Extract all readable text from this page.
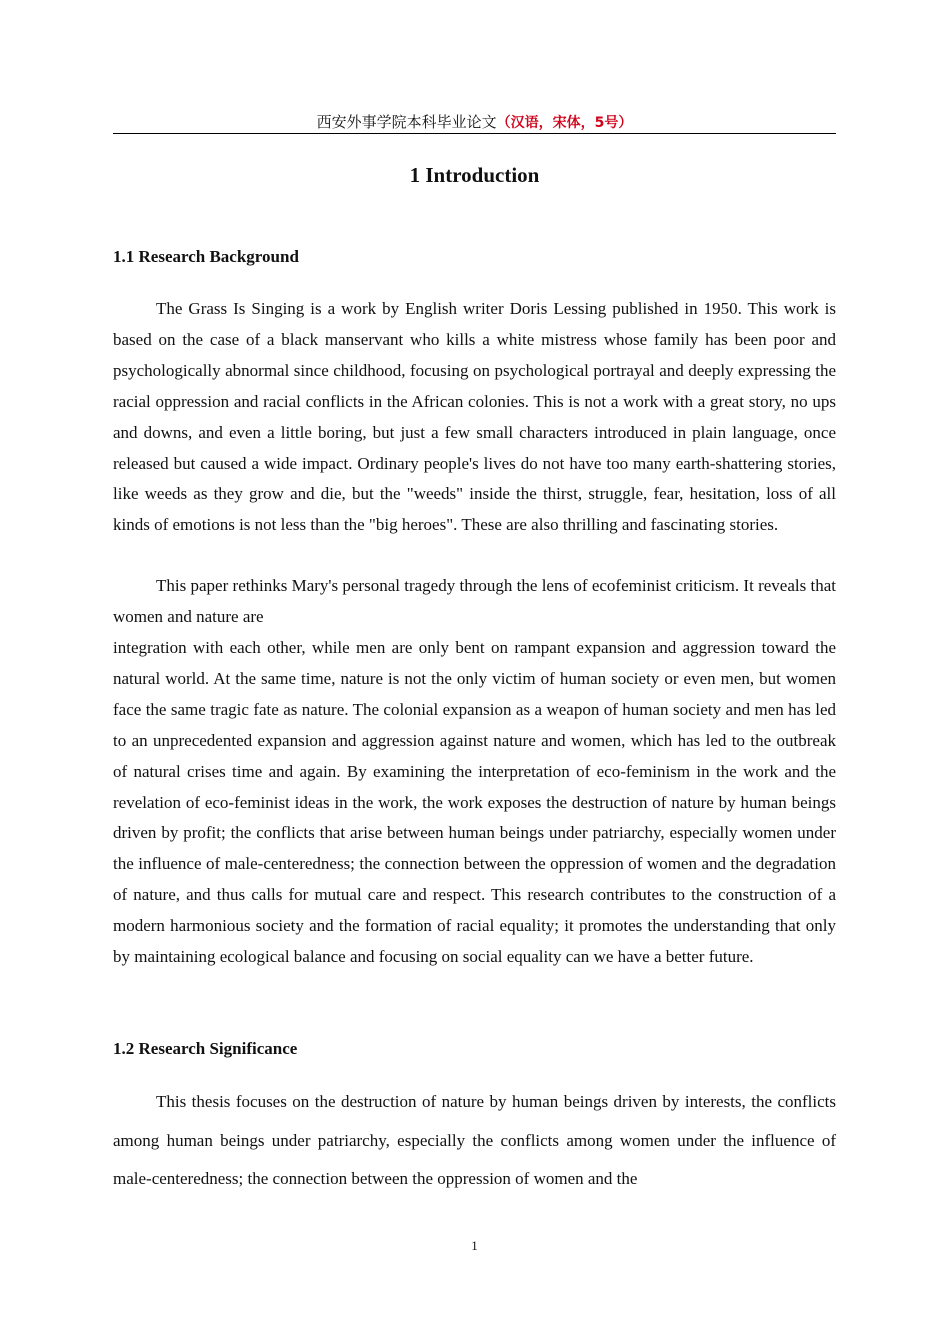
西安外事学院本科毕业论文（汉语，宋体，5号）
1 Introduction
1.1 Research Background

The Grass Is Singing is a work by English writer Doris Lessing published in 1950. This work is based on the case of a black manservant who kills a white mistress whose family has been poor and psychologically abnormal since childhood, focusing on psychological portrayal and deeply expressing the racial oppression and racial conflicts in the African colonies. This is not a work with a great story, no ups and downs, and even a little boring, but just a few small characters introduced in plain language, once released but caused a wide impact. Ordinary people's lives do not have too many earth-shattering stories, like weeds as they grow and die, but the "weeds" inside the thirst, struggle, fear, hesitation, loss of all kinds of emotions is not less than the "big heroes". These are also thrilling and fascinating stories.

This paper rethinks Mary's personal tragedy through the lens of ecofeminist criticism. It reveals that women and nature are

integration with each other, while men are only bent on rampant expansion and aggression toward the natural world. At the same time, nature is not the only victim of human society or even men, but women face the same tragic fate as nature. The colonial expansion as a weapon of human society and men has led to an unprecedented expansion and aggression against nature and women, which has led to the outbreak of natural crises time and again. By examining the interpretation of eco-feminism in the work and the revelation of eco-feminist ideas in the work, the work exposes the destruction of nature by human beings driven by profit; the conflicts that arise between human beings under patriarchy, especially women under the influence of male-centeredness; the connection between the oppression of women and the degradation of nature, and thus calls for mutual care and respect. This research contributes to the construction of a modern harmonious society and the formation of racial equality; it promotes the understanding that only by maintaining ecological balance and focusing on social equality can we have a better future.

1.2 Research Significance

This thesis focuses on the destruction of nature by human beings driven by interests, the conflicts among human beings under patriarchy, especially the conflicts among women under the influence of male-centeredness; the connection between the oppression of women and the

1
